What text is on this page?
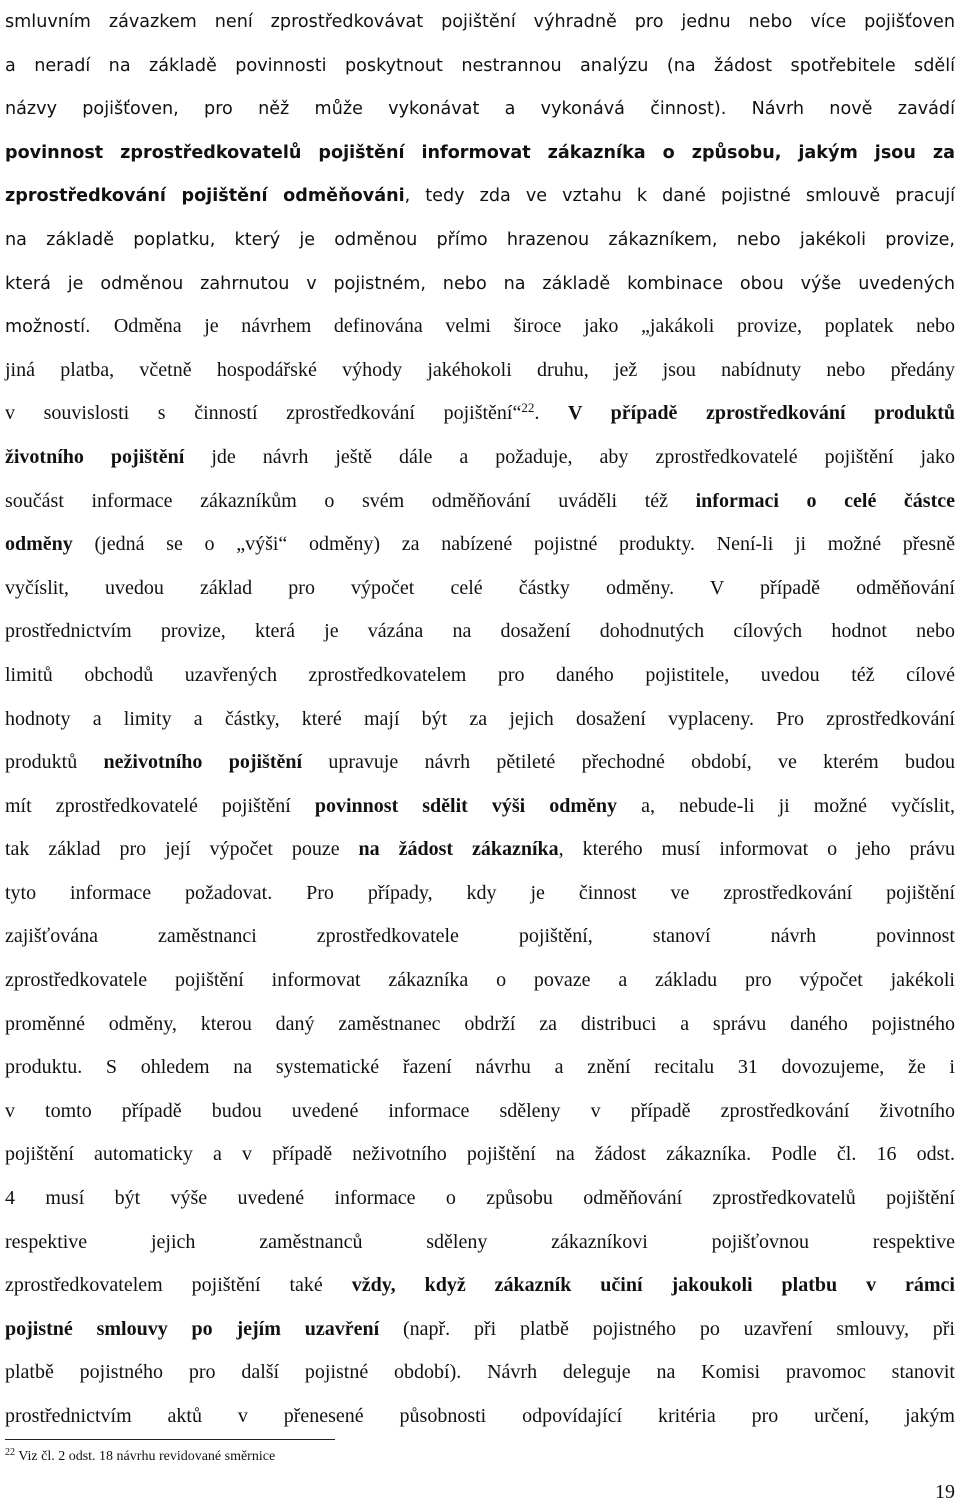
smluvním závazkem není zprostředkovávat pojištění výhradně pro jednu nebo více pojišťoven
a neradí na základě povinnosti poskytnout nestrannou analýzu (na žádost spotřebitele sdělí
názvy pojišťoven, pro něž může vykonávat a vykonává činnost). Návrh nově zavádí
povinnost zprostředkovatelů pojištění informovat zákazníka o způsobu, jakým jsou za
zprostředkování pojištění odměňováni, tedy zda ve vztahu k dané pojistné smlouvě pracují
na základě poplatku, který je odměnou přímo hrazenou zákazníkem, nebo jakékoli provize,
která je odměnou zahrnutou v pojistném, nebo na základě kombinace obou výše uvedených
možností. Odměna je návrhem definována velmi široce jako „jakákoli provize, poplatek nebo
jiná platba, včetně hospodářské výhody jakéhokoli druhu, jež jsou nabídnuty nebo předány
v souvislosti s činností zprostředkování pojištění“$^{22}$. V případě zprostředkování produktů
životního pojištění jde návrh ještě dále a požaduje, aby zprostředkovatelé pojištění jako
součást informace zákazníkům o svém odměňování uváděli též informaci o celé částce
odměny (jedná se o „výši“ odměny) za nabízené pojistné produkty. Není-li ji možné přesně
vyčíslit, uvedou základ pro výpočet celé částky odměny. V případě odměňování
prostřednictvím provize, která je vázána na dosažení dohodnutých cílových hodnot nebo
limitů obchodů uzavřených zprostředkovatelem pro daného pojistitele, uvedou též cílové
hodnoty a limity a částky, které mají být za jejich dosažení vyplaceny. Pro zprostředkování
produktů neživotního pojištění upravuje návrh pětileté přechodné období, ve kterém budou
mít zprostředkovatelé pojištění povinnost sdělit výši odměny a, nebude-li ji možné vyčíslit,
tak základ pro její výpočet pouze na žádost zákazníka, kterého musí informovat o jeho právu
tyto informace požadovat. Pro případy, kdy je činnost ve zprostředkování pojištění
zajišťována zaměstnanci zprostředkovatele pojištění, stanoví návrh povinnost
zprostředkovatele pojištění informovat zákazníka o povaze a základu pro výpočet jakékoli
proměnné odměny, kterou daný zaměstnanec obdrží za distribuci a správu daného pojistného
produktu. S ohledem na systematické řazení návrhu a znění recitalu 31 dovozujeme, že i
v tomto případě budou uvedené informace sděleny v případě zprostředkování životního
pojištění automaticky a v případě neživotního pojištění na žádost zákazníka. Podle čl. 16 odst.
4 musí být výše uvedené informace o způsobu odměňování zprostředkovatelů pojištění
respektive jejich zaměstnanců sděleny zákazníkovi pojišťovnou respektive
zprostředkovatelem pojištění také vždy, když zákazník učiní jakoukoli platbu v rámci
pojistné smlouvy po jejím uzavření (např. při platbě pojistného po uzavření smlouvy, při
platbě pojistného pro další pojistné období). Návrh deleguje na Komisi pravomoc stanovit
prostřednictvím aktů v přenesené působnosti odpovídající kritéria pro určení, jakým

$^{22}$ Viz čl. 2 odst. 18 návrhu revidované směrnice

19
